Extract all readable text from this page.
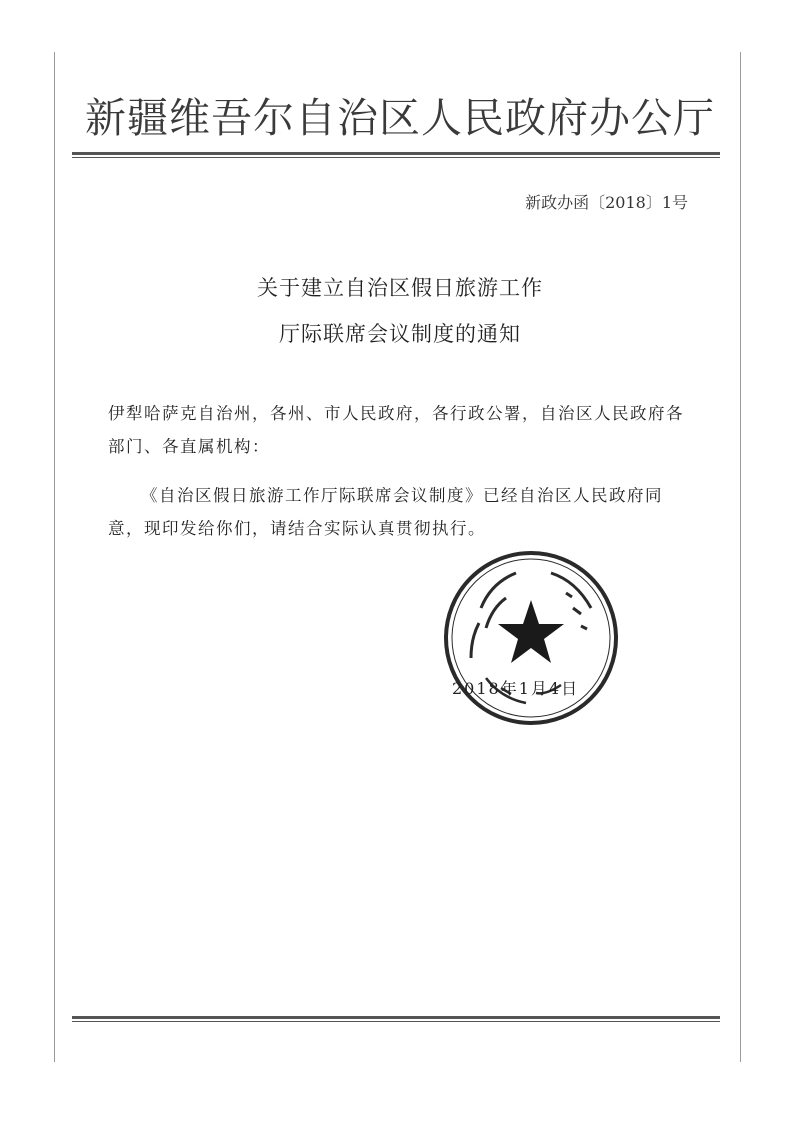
新疆维吾尔自治区人民政府办公厅
新政办函〔2018〕1号
关于建立自治区假日旅游工作
厅际联席会议制度的通知
伊犁哈萨克自治州，各州、市人民政府，各行政公署，自治区人民政府各部门、各直属机构：
《自治区假日旅游工作厅际联席会议制度》已经自治区人民政府同意，现印发给你们，请结合实际认真贯彻执行。
2018年1月4日
